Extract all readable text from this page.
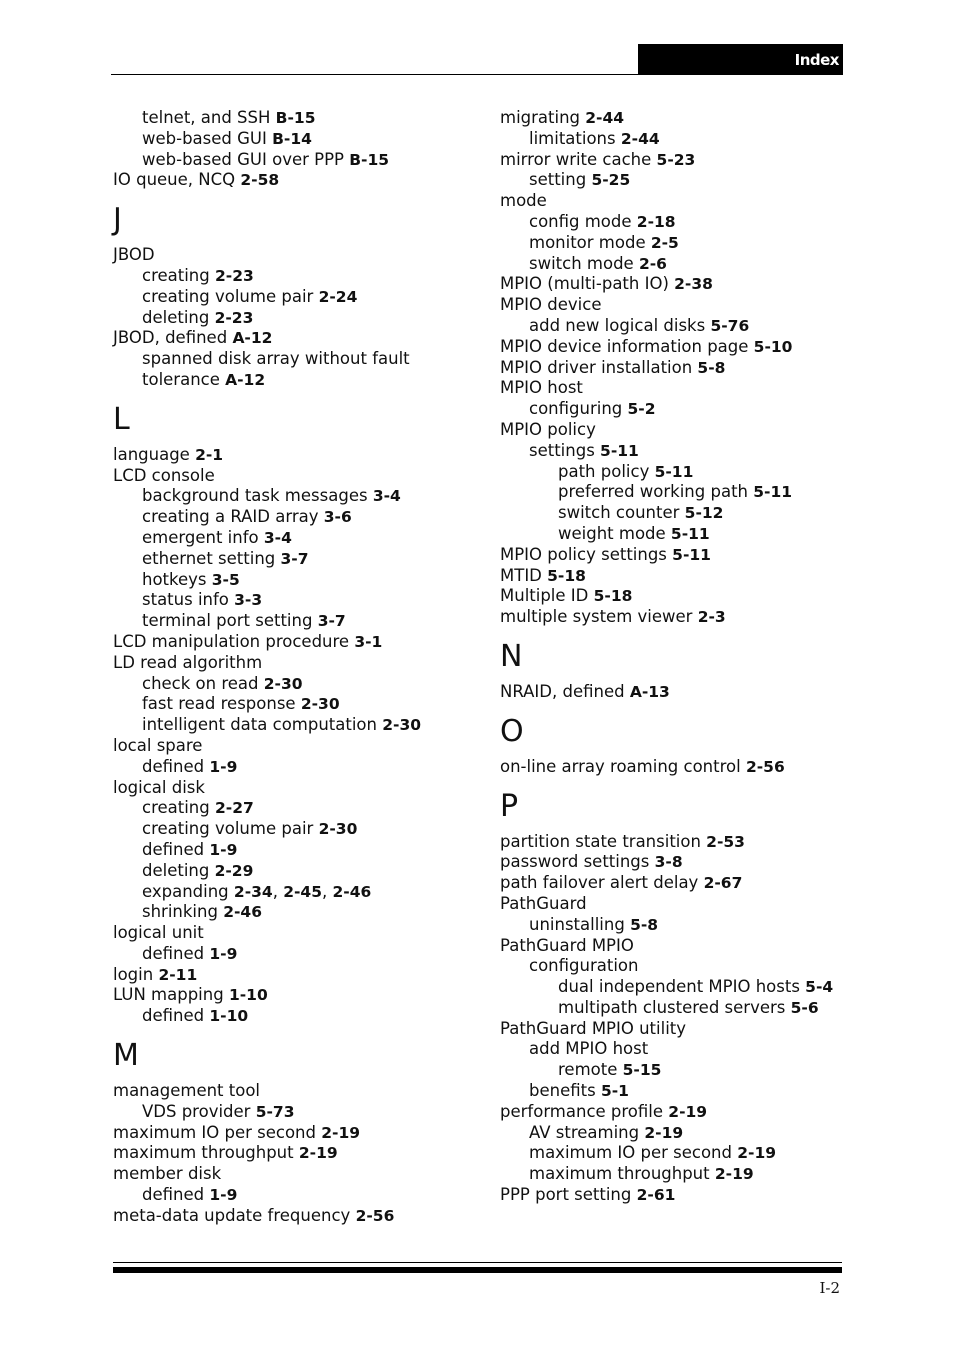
Index
telnet, and SSH B-15
web-based GUI B-14
web-based GUI over PPP B-15
IO queue, NCQ 2-58
J
JBOD
creating 2-23
creating volume pair 2-24
deleting 2-23
JBOD, defined A-12
spanned disk array without fault
tolerance A-12
L
language 2-1
LCD console
background task messages 3-4
creating a RAID array 3-6
emergent info 3-4
ethernet setting 3-7
hotkeys 3-5
status info 3-3
terminal port setting 3-7
LCD manipulation procedure 3-1
LD read algorithm
check on read 2-30
fast read response 2-30
intelligent data computation 2-30
local spare
defined 1-9
logical disk
creating 2-27
creating volume pair 2-30
defined 1-9
deleting 2-29
expanding 2-34, 2-45, 2-46
shrinking 2-46
logical unit
defined 1-9
login 2-11
LUN mapping 1-10
defined 1-10
M
management tool
VDS provider 5-73
maximum IO per second 2-19
maximum throughput 2-19
member disk
defined 1-9
meta-data update frequency 2-56
migrating 2-44
limitations 2-44
mirror write cache 5-23
setting 5-25
mode
config mode 2-18
monitor mode 2-5
switch mode 2-6
MPIO (multi-path IO) 2-38
MPIO device
add new logical disks 5-76
MPIO device information page 5-10
MPIO driver installation 5-8
MPIO host
configuring 5-2
MPIO policy
settings 5-11
path policy 5-11
preferred working path 5-11
switch counter 5-12
weight mode 5-11
MPIO policy settings 5-11
MTID 5-18
Multiple ID 5-18
multiple system viewer 2-3
N
NRAID, defined A-13
O
on-line array roaming control 2-56
P
partition state transition 2-53
password settings 3-8
path failover alert delay 2-67
PathGuard
uninstalling 5-8
PathGuard MPIO
configuration
dual independent MPIO hosts 5-4
multipath clustered servers 5-6
PathGuard MPIO utility
add MPIO host
remote 5-15
benefits 5-1
performance profile 2-19
AV streaming 2-19
maximum IO per second 2-19
maximum throughput 2-19
PPP port setting 2-61
I-2
